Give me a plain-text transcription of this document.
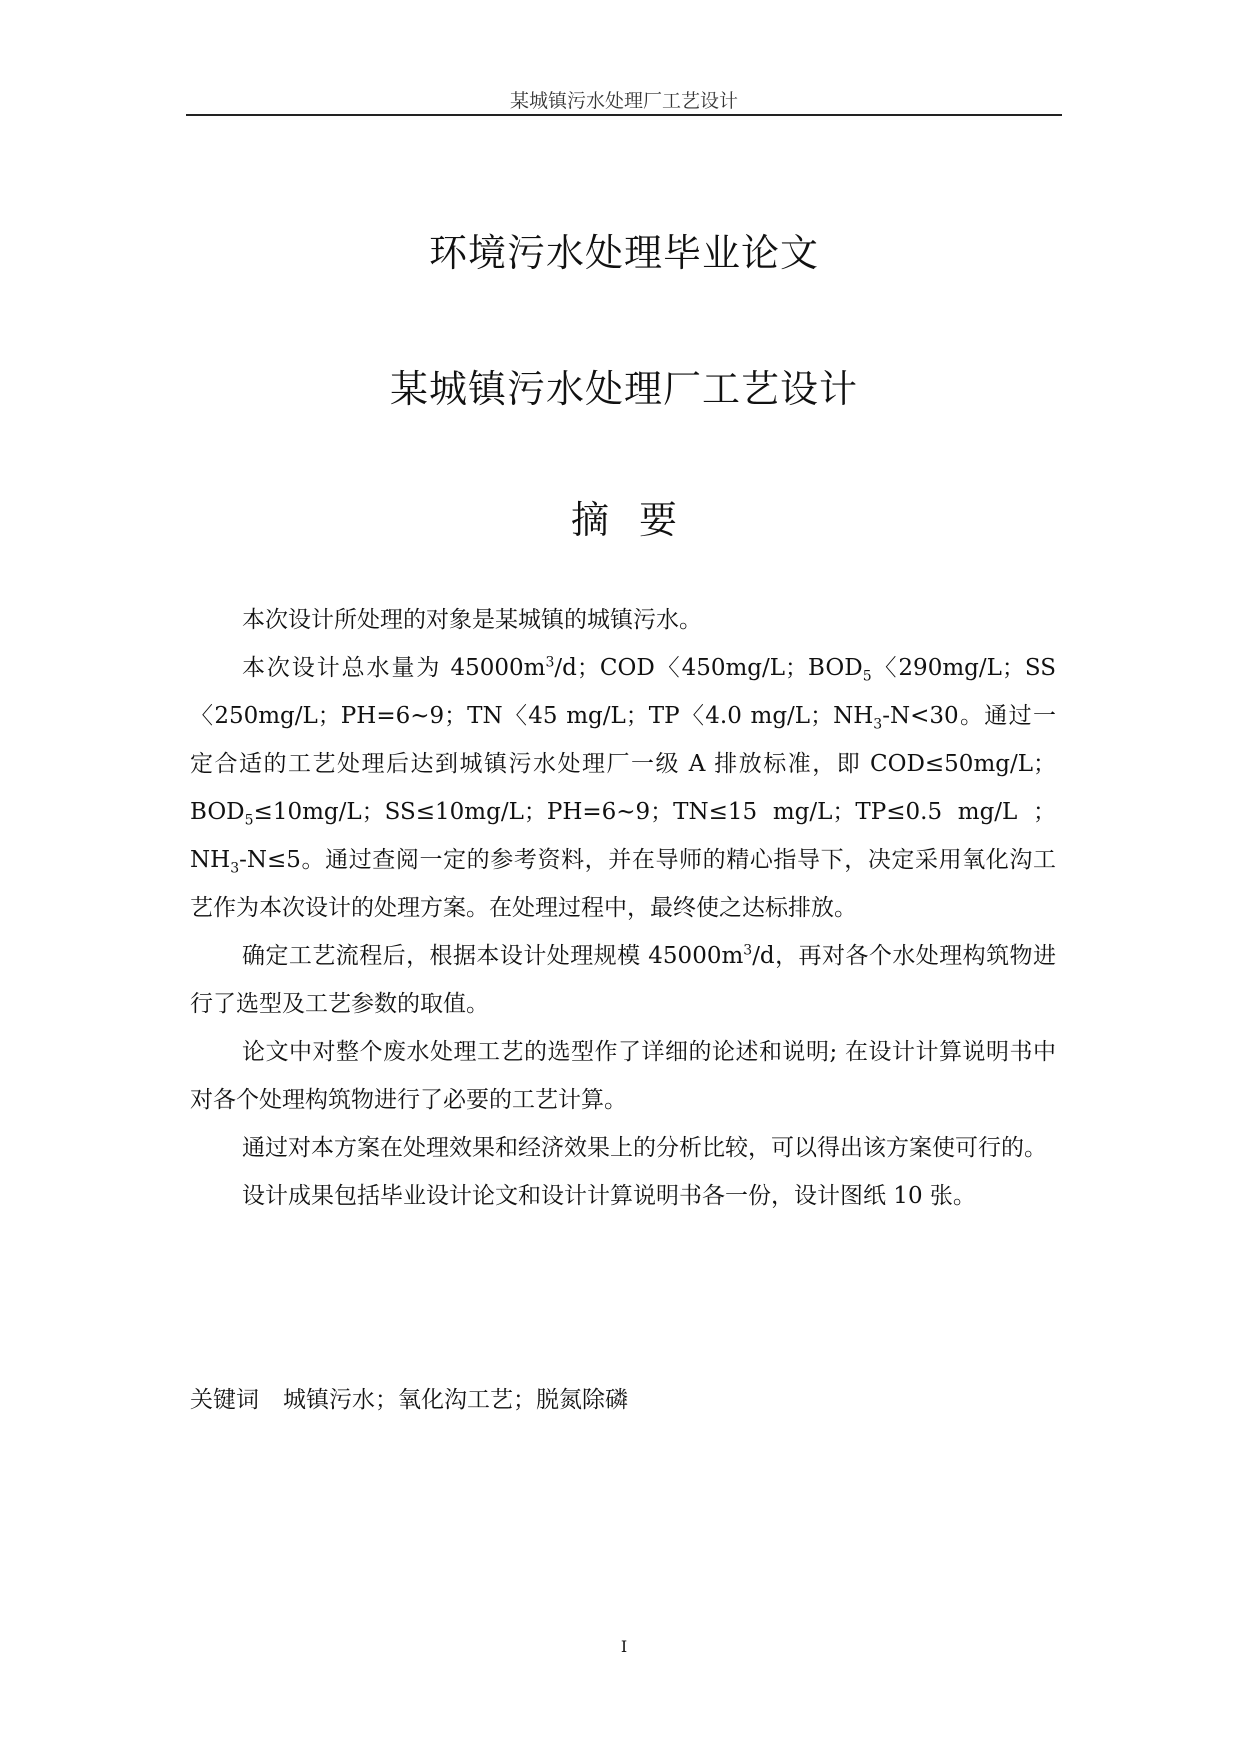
某城镇污水处理厂工艺设计
环境污水处理毕业论文
某城镇污水处理厂工艺设计
摘要

本次设计所处理的对象是某城镇的城镇污水。

本次设计总水量为 $45000m^3/d$；COD〈450mg/L；$BOD_5$〈290mg/L；SS〈250mg/L；PH=6~9；TN〈45 mg/L；TP〈4.0 mg/L；$NH_3-N<30$。通过一定合适的工艺处理后达到城镇污水处理厂一级 A 排放标准，即 COD≤50mg/L；$BOD_5\le 10mg/L$；SS≤10mg/L；PH=6~9；TN≤15 mg/L；TP≤0.5 mg/L ；$NH_3-N\le 5$。通过查阅一定的参考资料，并在导师的精心指导下，决定采用氧化沟工艺作为本次设计的处理方案。在处理过程中，最终使之达标排放。

确定工艺流程后，根据本设计处理规模 $45000m^3/d$，再对各个水处理构筑物进行了选型及工艺参数的取值。

论文中对整个废水处理工艺的选型作了详细的论述和说明; 在设计计算说明书中对各个处理构筑物进行了必要的工艺计算。

通过对本方案在处理效果和经济效果上的分析比较，可以得出该方案使可行的。

设计成果包括毕业设计论文和设计计算说明书各一份，设计图纸 10 张。

关键词 城镇污水；氧化沟工艺；脱氮除磷
I
